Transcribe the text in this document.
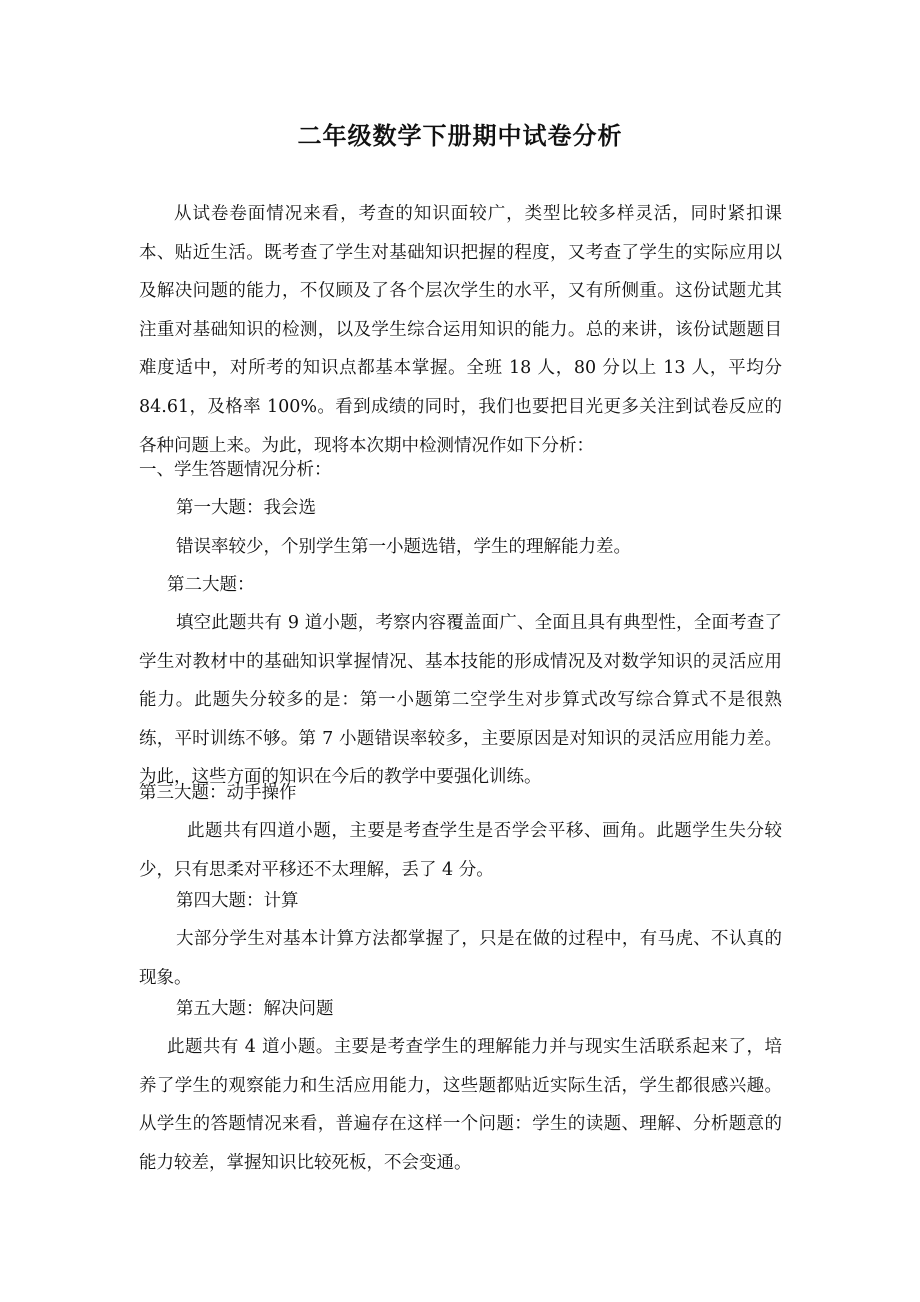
二年级数学下册期中试卷分析

从试卷卷面情况来看，考查的知识面较广，类型比较多样灵活，同时紧扣课本、贴近生活。既考查了学生对基础知识把握的程度，又考查了学生的实际应用以及解决问题的能力，不仅顾及了各个层次学生的水平，又有所侧重。这份试题尤其注重对基础知识的检测，以及学生综合运用知识的能力。总的来讲，该份试题题目难度适中，对所考的知识点都基本掌握。全班 18 人，80 分以上 13 人，平均分 84.61，及格率 100%。看到成绩的同时，我们也要把目光更多关注到试卷反应的各种问题上来。为此，现将本次期中检测情况作如下分析：

一、学生答题情况分析：

第一大题：我会选

错误率较少，个别学生第一小题选错，学生的理解能力差。

第二大题：

填空此题共有 9 道小题，考察内容覆盖面广、全面且具有典型性，全面考查了学生对教材中的基础知识掌握情况、基本技能的形成情况及对数学知识的灵活应用能力。此题失分较多的是：第一小题第二空学生对步算式改写综合算式不是很熟练，平时训练不够。第 7 小题错误率较多，主要原因是对知识的灵活应用能力差。为此，这些方面的知识在今后的教学中要强化训练。

第三大题：动手操作

此题共有四道小题，主要是考查学生是否学会平移、画角。此题学生失分较少，只有思柔对平移还不太理解，丢了 4 分。

第四大题：计算

大部分学生对基本计算方法都掌握了，只是在做的过程中，有马虎、不认真的现象。

第五大题：解决问题

此题共有 4 道小题。主要是考查学生的理解能力并与现实生活联系起来了，培养了学生的观察能力和生活应用能力，这些题都贴近实际生活，学生都很感兴趣。从学生的答题情况来看，普遍存在这样一个问题：学生的读题、理解、分析题意的能力较差，掌握知识比较死板，不会变通。
